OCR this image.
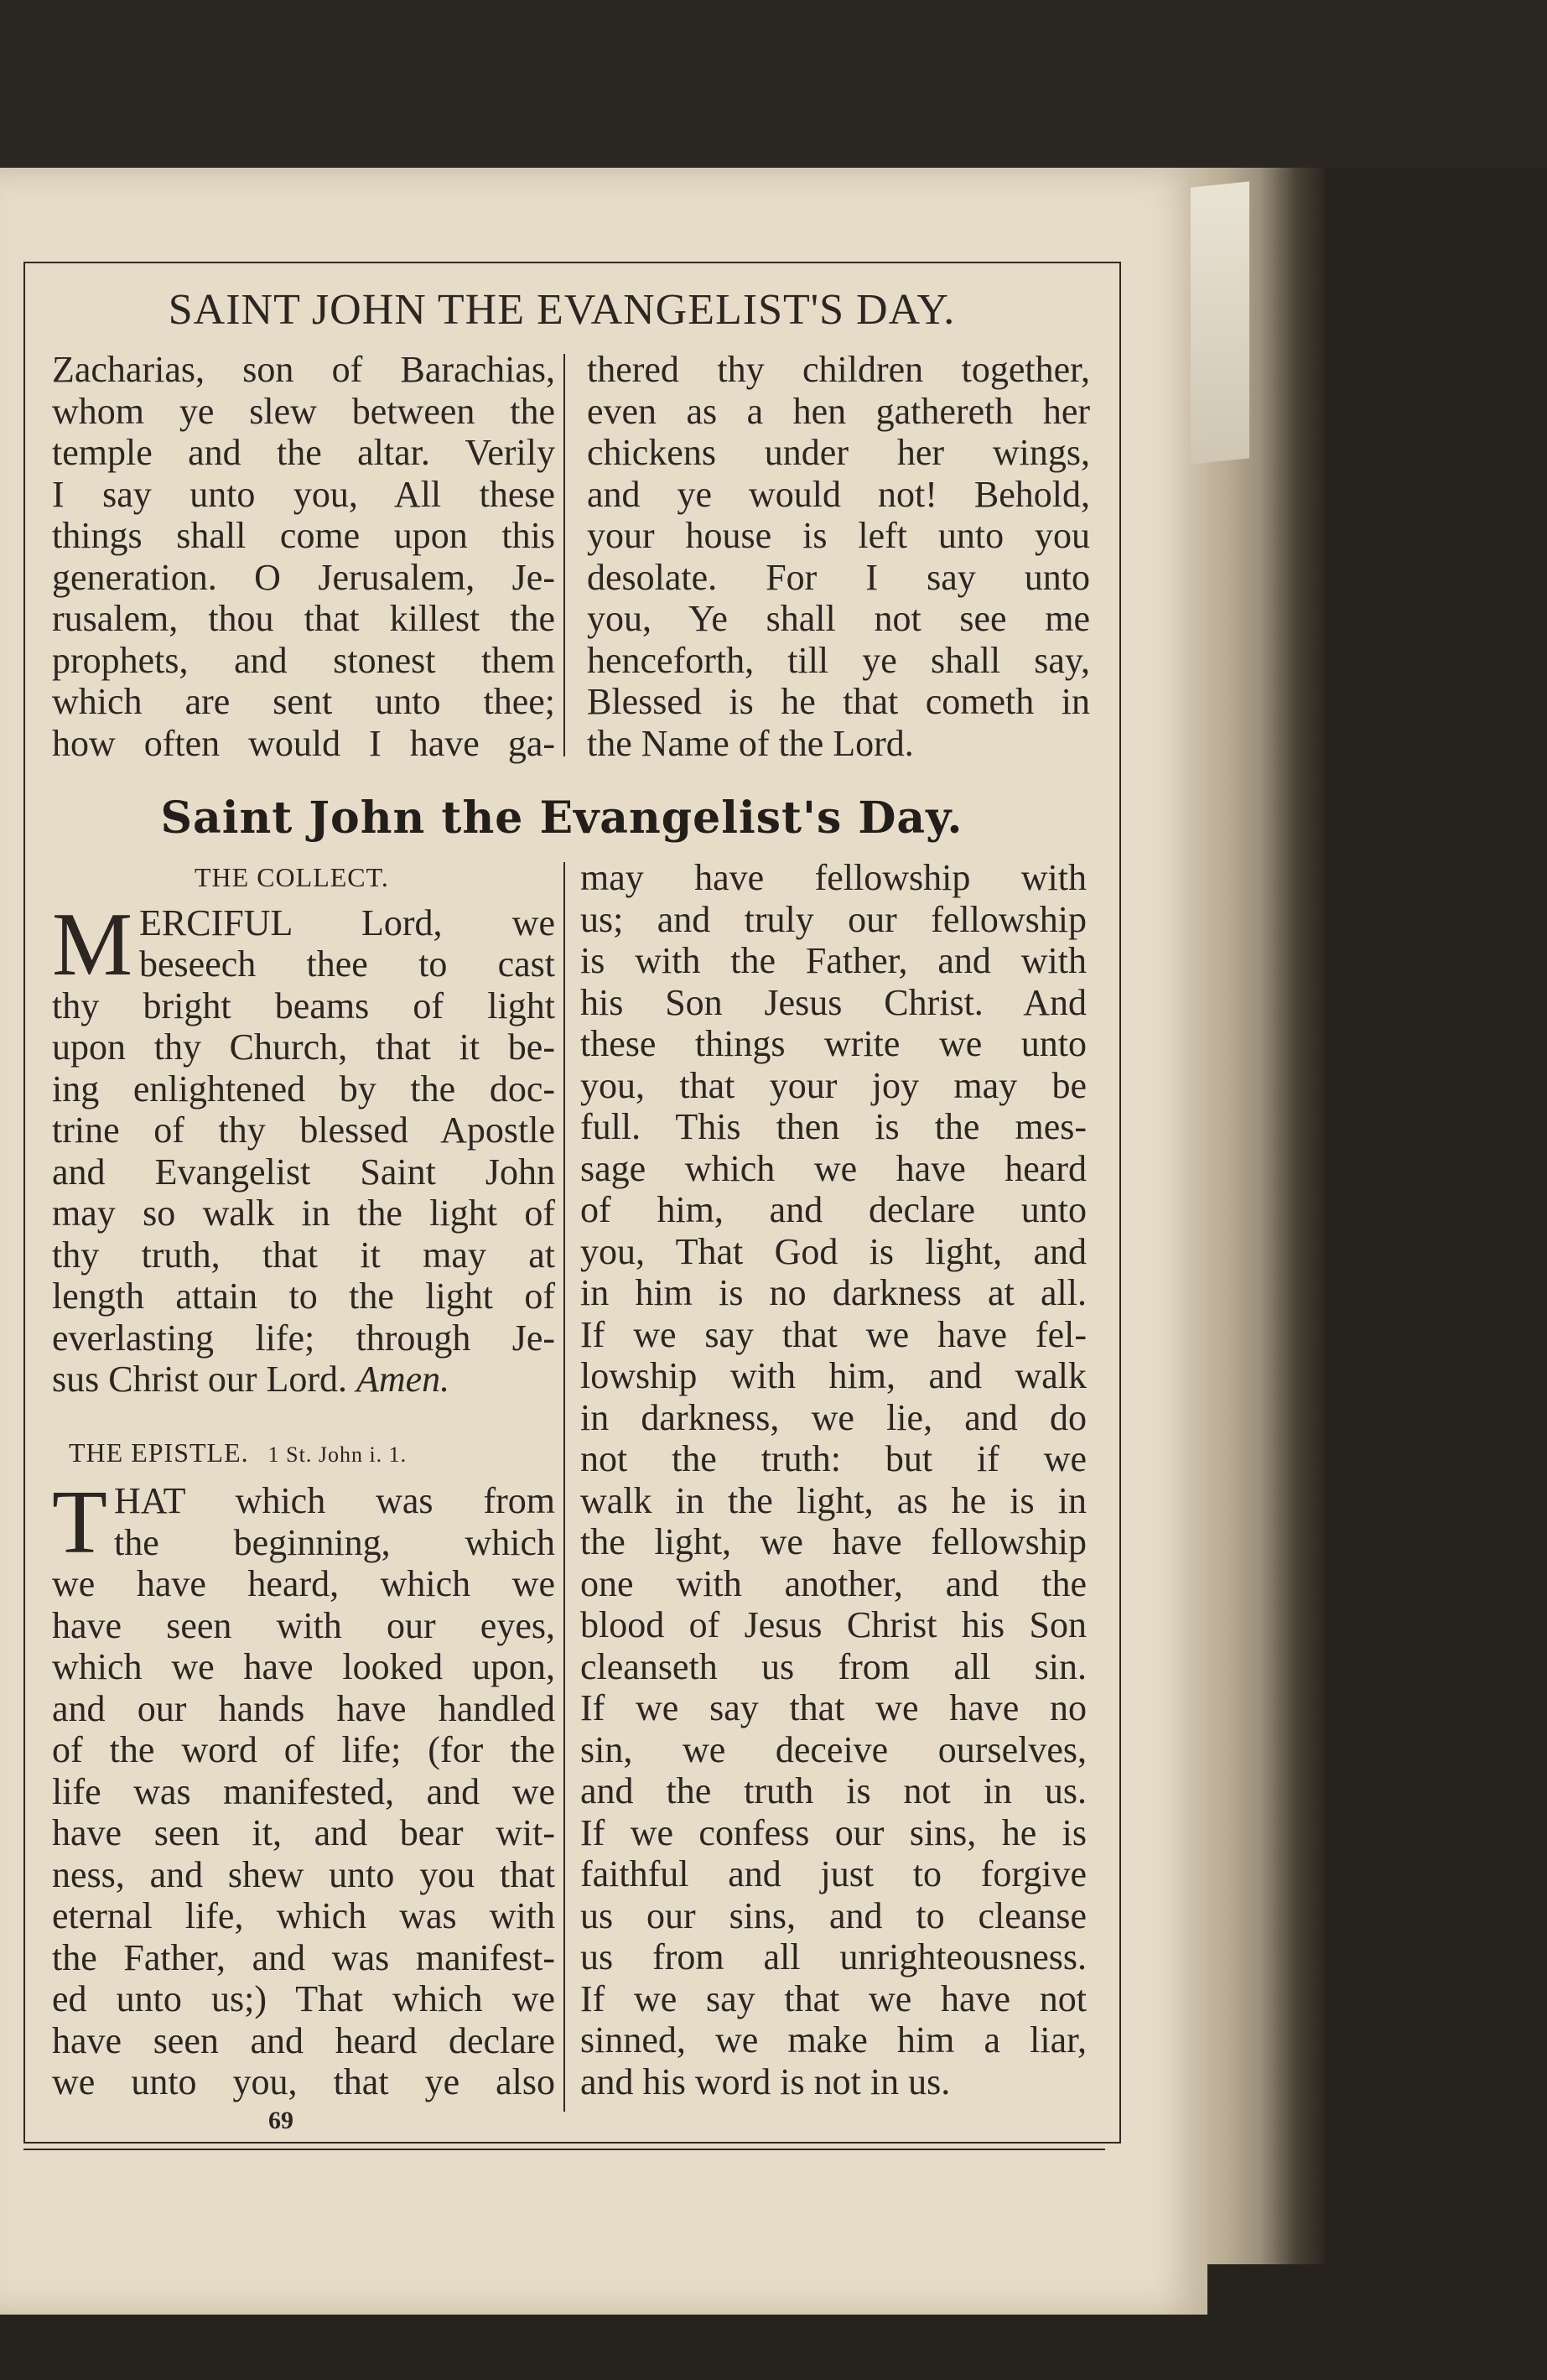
SAINT JOHN THE EVANGELIST'S DAY.
Zacharias, son of Barachias,
whom ye slew between the
temple and the altar. Verily
I say unto you, All these
things shall come upon this
generation. O Jerusalem, Je-
rusalem, thou that killest the
prophets, and stonest them
which are sent unto thee;
how often would I have ga-
thered thy children together,
even as a hen gathereth her
chickens under her wings,
and ye would not! Behold,
your house is left unto you
desolate. For I say unto
you, Ye shall not see me
henceforth, till ye shall say,
Blessed is he that cometh in
the Name of the Lord.
Saint John the Evangelist's Day.
THE COLLECT.
M ERCIFUL Lord, we
beseech thee to cast
thy bright beams of light
upon thy Church, that it be-
ing enlightened by the doc-
trine of thy blessed Apostle
and Evangelist Saint John
may so walk in the light of
thy truth, that it may at
length attain to the light of
everlasting life; through Je-
sus Christ our Lord. Amen.
THE EPISTLE. 1 St. John i. 1.
T HAT which was from
the beginning, which
we have heard, which we
have seen with our eyes,
which we have looked upon,
and our hands have handled
of the word of life; (for the
life was manifested, and we
have seen it, and bear wit-
ness, and shew unto you that
eternal life, which was with
the Father, and was manifest-
ed unto us;) That which we
have seen and heard declare
we unto you, that ye also
may have fellowship with
us; and truly our fellowship
is with the Father, and with
his Son Jesus Christ. And
these things write we unto
you, that your joy may be
full. This then is the mes-
sage which we have heard
of him, and declare unto
you, That God is light, and
in him is no darkness at all.
If we say that we have fel-
lowship with him, and walk
in darkness, we lie, and do
not the truth: but if we
walk in the light, as he is in
the light, we have fellowship
one with another, and the
blood of Jesus Christ his Son
cleanseth us from all sin.
If we say that we have no
sin, we deceive ourselves,
and the truth is not in us.
If we confess our sins, he is
faithful and just to forgive
us our sins, and to cleanse
us from all unrighteousness.
If we say that we have not
sinned, we make him a liar,
and his word is not in us.
69
